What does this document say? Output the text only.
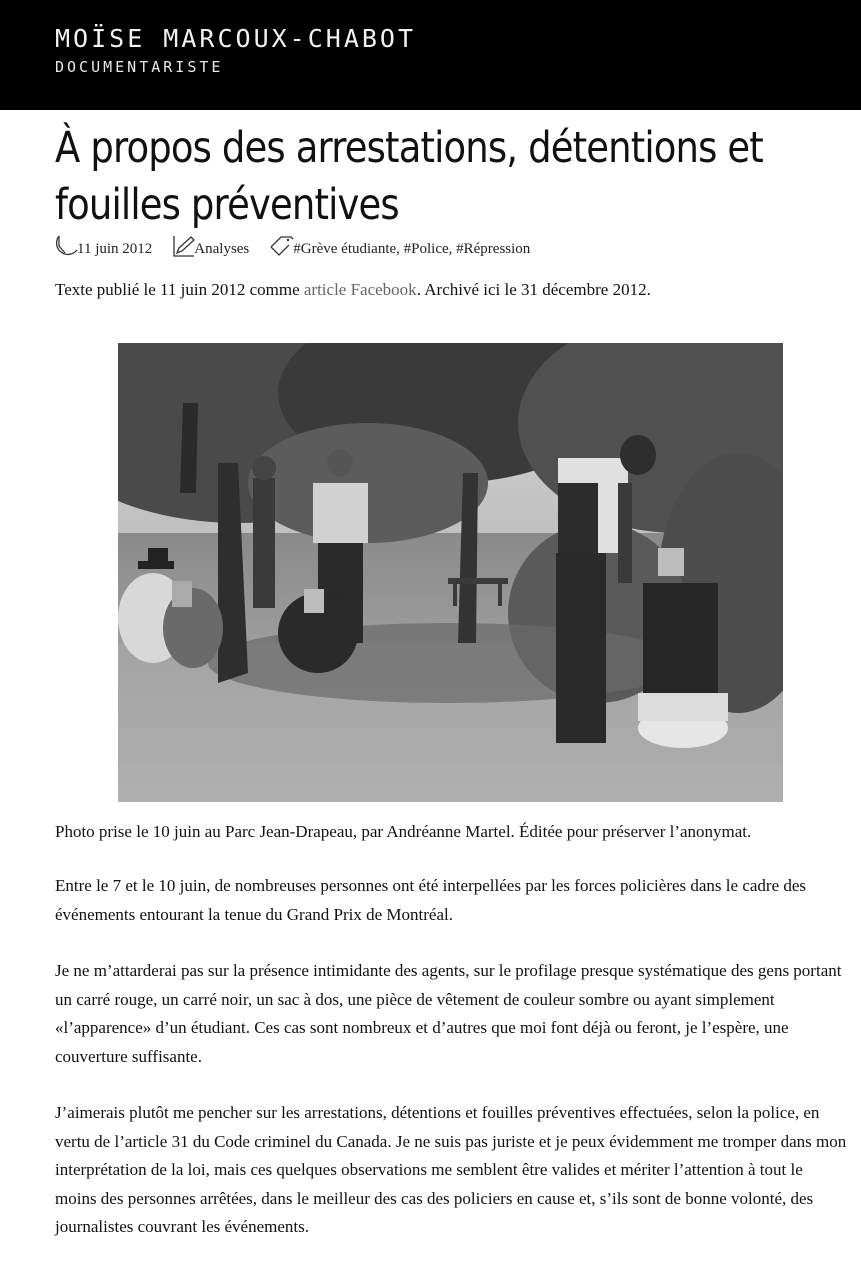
MOÏSE MARCOUX-CHABOT
DOCUMENTARISTE
À propos des arrestations, détentions et fouilles préventives
11 juin 2012	Analyses	#Grève étudiante, #Police, #Répression

Texte publié le 11 juin 2012 comme article Facebook. Archivé ici le 31 décembre 2012.

Photo prise le 10 juin au Parc Jean-Drapeau, par Andréanne Martel. Éditée pour préserver l’anonymat.

Entre le 7 et le 10 juin, de nombreuses personnes ont été interpellées par les forces policières dans le cadre des événements entourant la tenue du Grand Prix de Montréal.

Je ne m’attarderai pas sur la présence intimidante des agents, sur le profilage presque systématique des gens portant un carré rouge, un carré noir, un sac à dos, une pièce de vêtement de couleur sombre ou ayant simplement «l’apparence» d’un étudiant. Ces cas sont nombreux et d’autres que moi font déjà ou feront, je l’espère, une couverture suffisante.

J’aimerais plutôt me pencher sur les arrestations, détentions et fouilles préventives effectuées, selon la police, en vertu de l’article 31 du Code criminel du Canada. Je ne suis pas juriste et je peux évidemment me tromper dans mon interprétation de la loi, mais ces quelques observations me semblent être valides et mériter l’attention à tout le moins des personnes arrêtées, dans le meilleur des cas des policiers en cause et, s’ils sont de bonne volonté, des journalistes couvrant les événements.
